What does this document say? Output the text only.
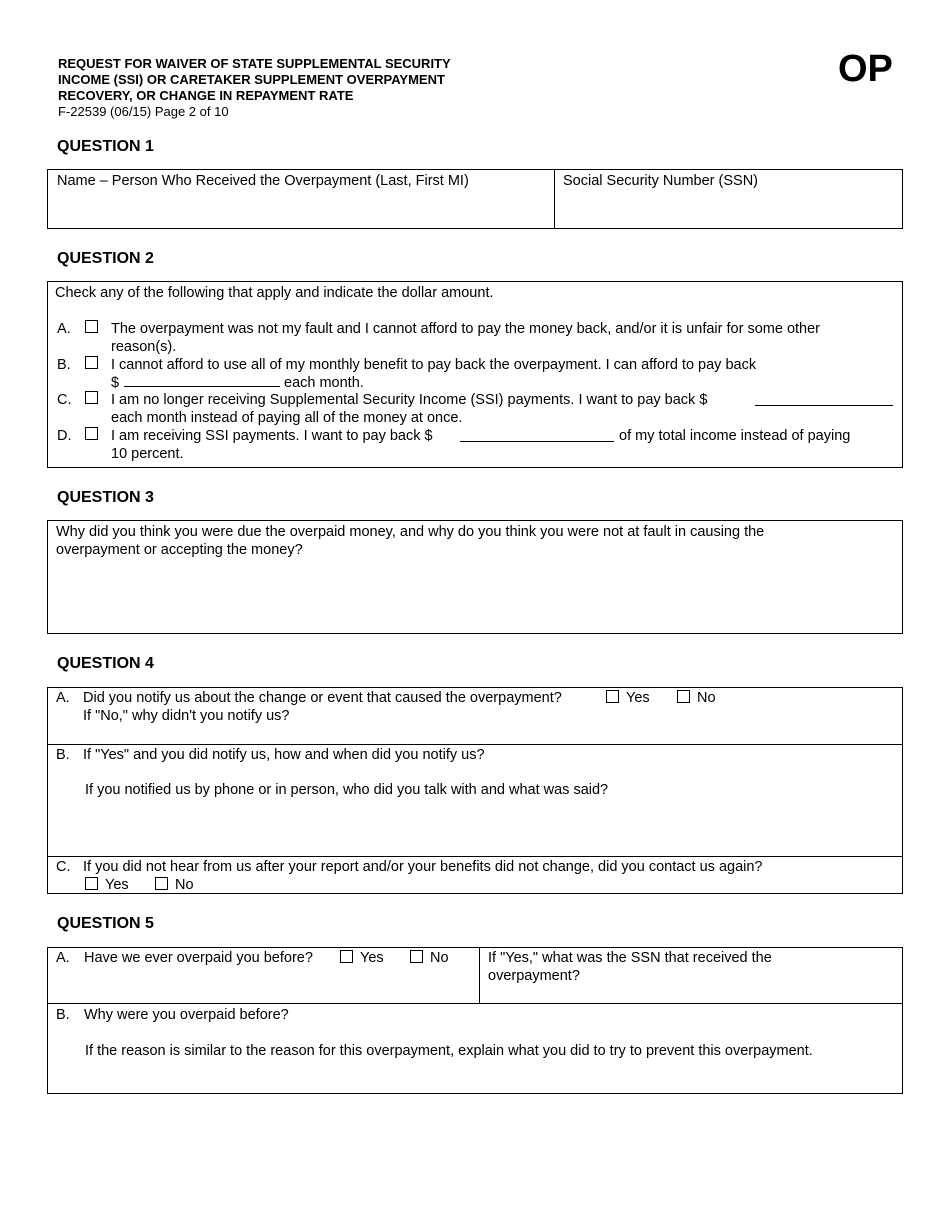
REQUEST FOR WAIVER OF STATE SUPPLEMENTAL SECURITY
INCOME (SSI) OR CARETAKER SUPPLEMENT OVERPAYMENT
RECOVERY, OR CHANGE IN REPAYMENT RATE
F-22539 (06/15) Page 2 of 10
OP
QUESTION 1
Name – Person Who Received the Overpayment (Last, First MI)	Social Security Number (SSN)
QUESTION 2
Check any of the following that apply and indicate the dollar amount.
A.	The overpayment was not my fault and I cannot afford to pay the money back, and/or it is unfair for some other
reason(s).
B.	I cannot afford to use all of my monthly benefit to pay back the overpayment. I can afford to pay back
$	each month.
C.	I am no longer receiving Supplemental Security Income (SSI) payments. I want to pay back $
each month instead of paying all of the money at once.
D.	I am receiving SSI payments. I want to pay back $	of my total income instead of paying
10 percent.
QUESTION 3
Why did you think you were due the overpaid money, and why do you think you were not at fault in causing the
overpayment or accepting the money?
QUESTION 4
A. Did you notify us about the change or event that caused the overpayment?	Yes	No
If "No," why didn't you notify us?
B. If "Yes" and you did notify us, how and when did you notify us?
If you notified us by phone or in person, who did you talk with and what was said?
C. If you did not hear from us after your report and/or your benefits did not change, did you contact us again?
Yes	No
QUESTION 5
A. Have we ever overpaid you before?	Yes	No	If "Yes," what was the SSN that received the
overpayment?
B. Why were you overpaid before?
If the reason is similar to the reason for this overpayment, explain what you did to try to prevent this overpayment.
